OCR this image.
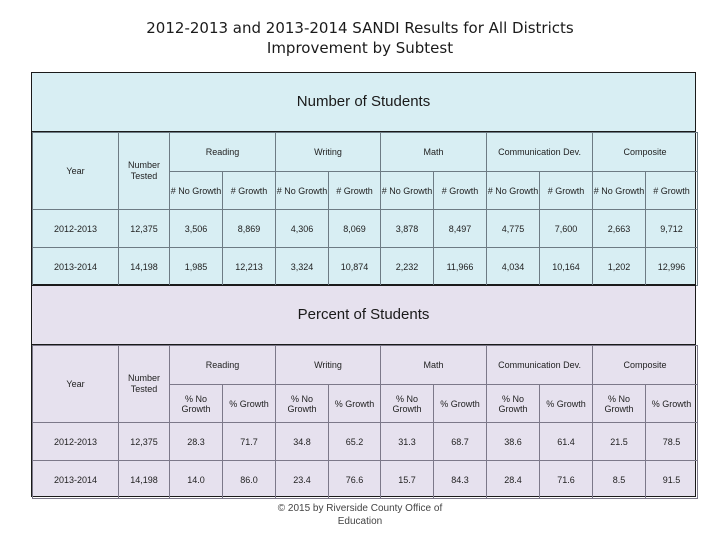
2012-2013 and 2013-2014 SANDI Results for All Districts
Improvement by Subtest
Number of Students
Year	Number Tested	Reading		Writing		Math		Communication Dev.		Composite	
		# No Growth	# Growth	# No Growth	# Growth	# No Growth	# Growth	# No Growth	# Growth	# No Growth	# Growth
2012-2013	12,375	3,506	8,869	4,306	8,069	3,878	8,497	4,775	7,600	2,663	9,712
2013-2014	14,198	1,985	12,213	3,324	10,874	2,232	11,966	4,034	10,164	1,202	12,996
Percent of Students
Year	Number Tested	Reading		Writing		Math		Communication Dev.		Composite	
		% No Growth	% Growth	% No Growth	% Growth	% No Growth	% Growth	% No Growth	% Growth	% No Growth	% Growth
2012-2013	12,375	28.3	71.7	34.8	65.2	31.3	68.7	38.6	61.4	21.5	78.5
2013-2014	14,198	14.0	86.0	23.4	76.6	15.7	84.3	28.4	71.6	8.5	91.5
© 2015 by Riverside County Office of
Education
